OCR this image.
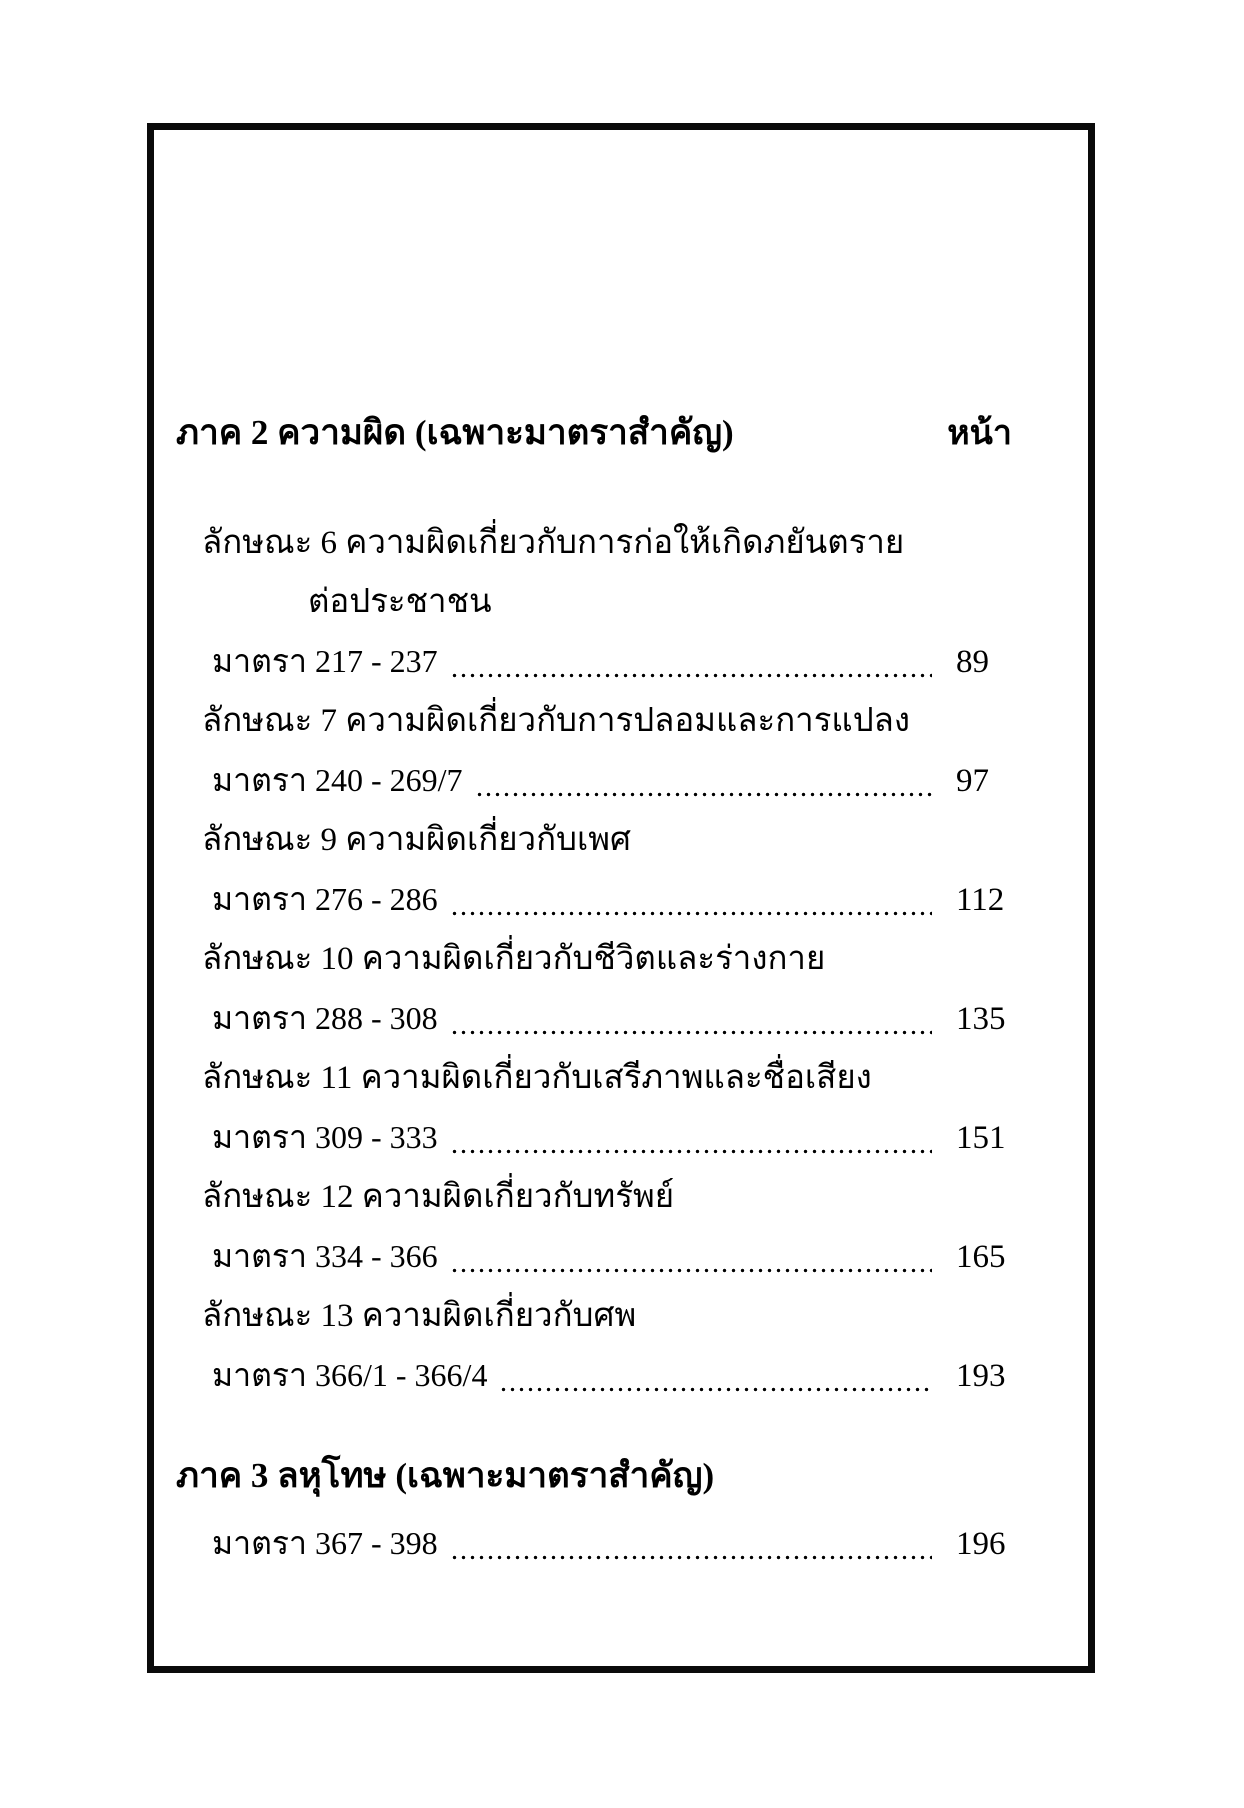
ภาค 2 ความผิด (เฉพาะมาตราสำคัญ)	หน้า
ลักษณะ 6 ความผิดเกี่ยวกับการก่อให้เกิดภยันตราย
ต่อประชาชน
มาตรา 217 - 237	89
ลักษณะ 7 ความผิดเกี่ยวกับการปลอมและการแปลง
มาตรา 240 - 269/7	97
ลักษณะ 9 ความผิดเกี่ยวกับเพศ
มาตรา 276 - 286	112
ลักษณะ 10 ความผิดเกี่ยวกับชีวิตและร่างกาย
มาตรา 288 - 308	135
ลักษณะ 11 ความผิดเกี่ยวกับเสรีภาพและชื่อเสียง
มาตรา 309 - 333	151
ลักษณะ 12 ความผิดเกี่ยวกับทรัพย์
มาตรา 334 - 366	165
ลักษณะ 13 ความผิดเกี่ยวกับศพ
มาตรา 366/1 - 366/4	193
ภาค 3 ลหุโทษ (เฉพาะมาตราสำคัญ)
มาตรา 367 - 398	196
